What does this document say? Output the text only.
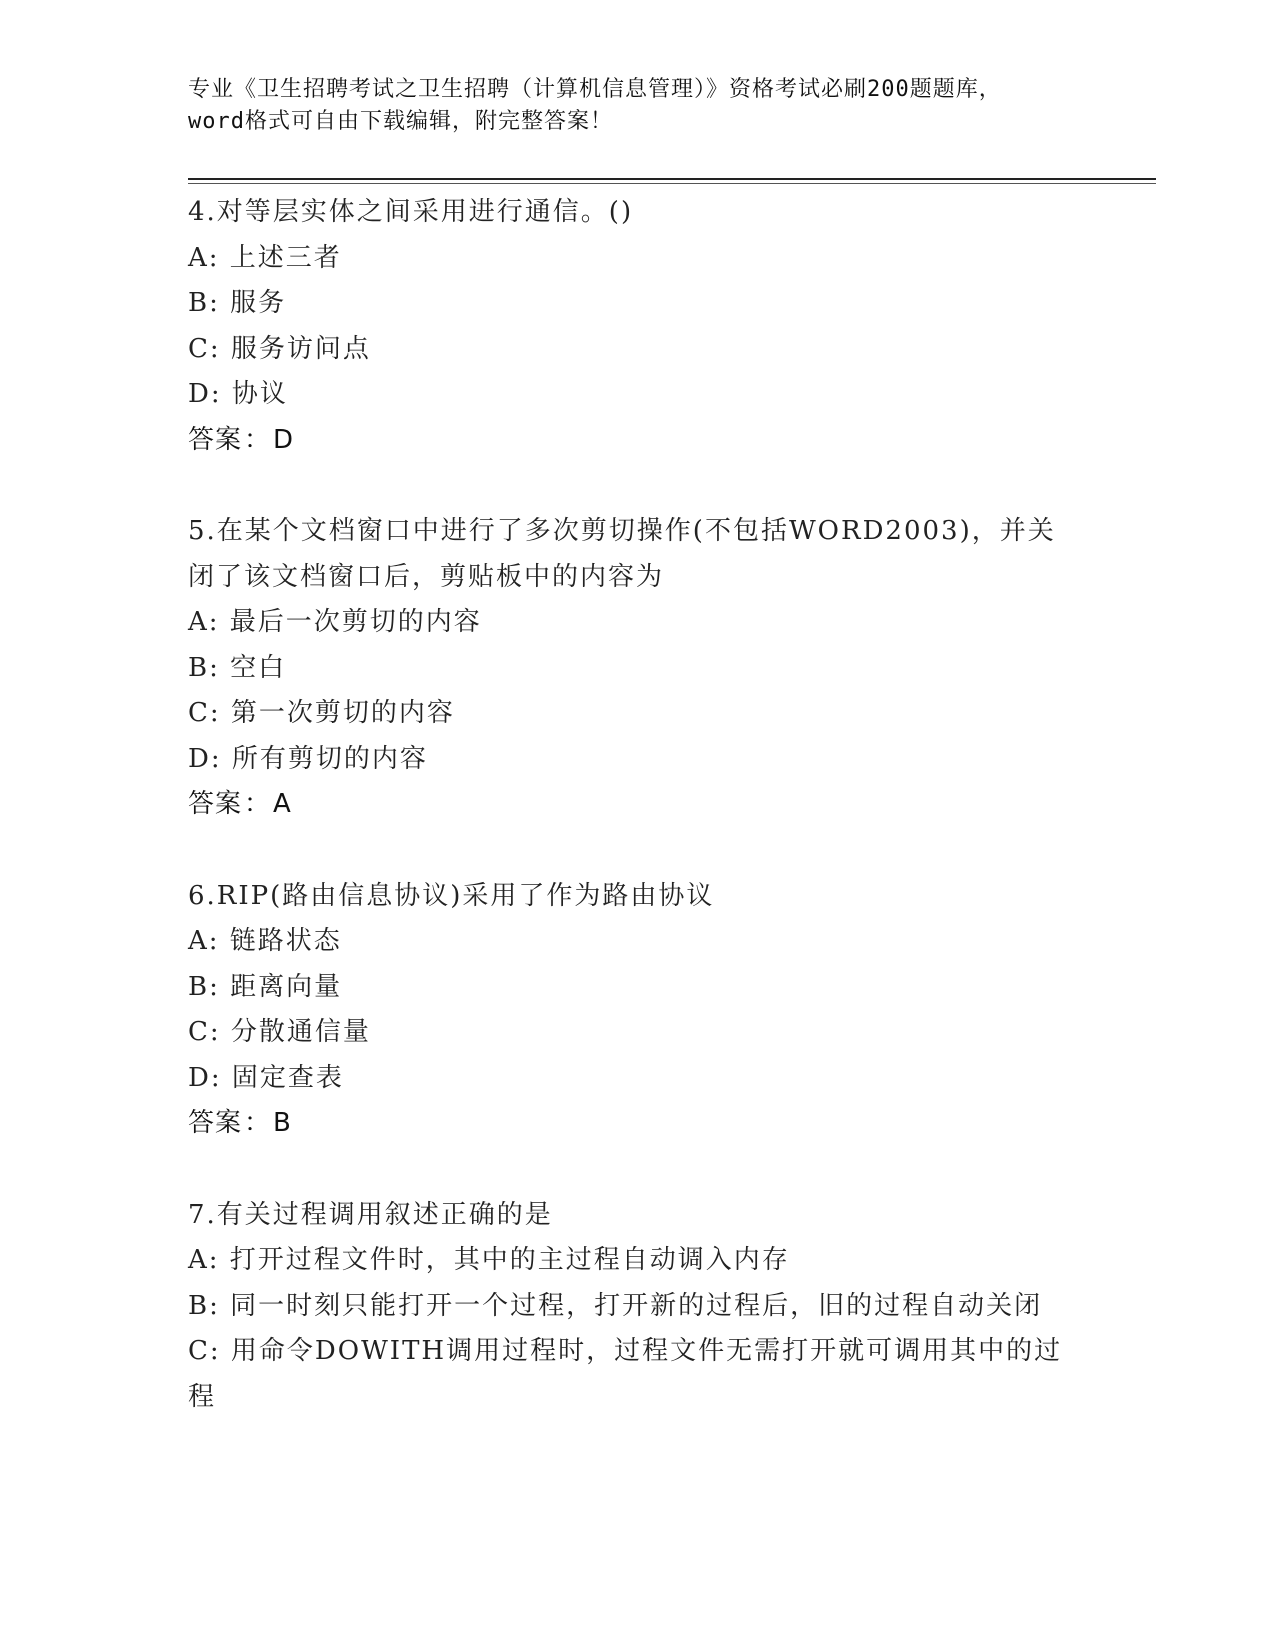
专业《卫生招聘考试之卫生招聘（计算机信息管理）》资格考试必刷200题题库，
word格式可自由下载编辑，附完整答案！
4.对等层实体之间采用进行通信。()
A: 上述三者
B: 服务
C: 服务访问点
D: 协议
答案：D
5.在某个文档窗口中进行了多次剪切操作(不包括WORD2003)，并关闭了该文档窗口后，剪贴板中的内容为
A: 最后一次剪切的内容
B: 空白
C: 第一次剪切的内容
D: 所有剪切的内容
答案：A
6.RIP(路由信息协议)采用了作为路由协议
A: 链路状态
B: 距离向量
C: 分散通信量
D: 固定查表
答案：B
7.有关过程调用叙述正确的是
A: 打开过程文件时，其中的主过程自动调入内存
B: 同一时刻只能打开一个过程，打开新的过程后，旧的过程自动关闭
C: 用命令DOWITH调用过程时，过程文件无需打开就可调用其中的过程
